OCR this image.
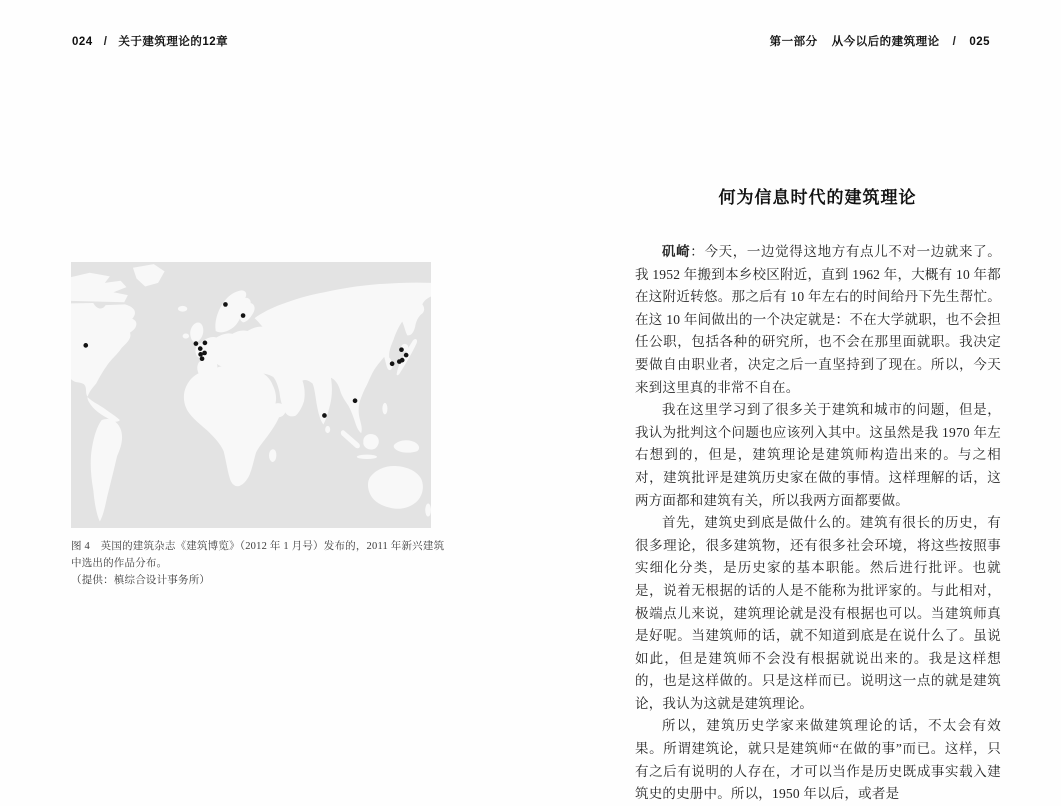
024 / 关于建筑理论的12章
图 4　英国的建筑杂志《建筑博览》（2012 年 1 月号）发布的，2011 年新兴建筑中选出的作品分布。
（提供：槙综合设计事务所）
第一部分 从今以后的建筑理论 / 025
何为信息时代的建筑理论

矶崎：今天，一边觉得这地方有点儿不对一边就来了。我 1952 年搬到本乡校区附近，直到 1962 年，大概有 10 年都在这附近转悠。那之后有 10 年左右的时间给丹下先生帮忙。在这 10 年间做出的一个决定就是：不在大学就职，也不会担任公职，包括各种的研究所，也不会在那里面就职。我决定要做自由职业者，决定之后一直坚持到了现在。所以，今天来到这里真的非常不自在。

我在这里学习到了很多关于建筑和城市的问题，但是，我认为批判这个问题也应该列入其中。这虽然是我 1970 年左右想到的，但是，建筑理论是建筑师构造出来的。与之相对，建筑批评是建筑历史家在做的事情。这样理解的话，这两方面都和建筑有关，所以我两方面都要做。

首先，建筑史到底是做什么的。建筑有很长的历史，有很多理论，很多建筑物，还有很多社会环境，将这些按照事实细化分类，是历史家的基本职能。然后进行批评。也就是，说着无根据的话的人是不能称为批评家的。与此相对，极端点儿来说，建筑理论就是没有根据也可以。当建筑师真是好呢。当建筑师的话，就不知道到底是在说什么了。虽说如此，但是建筑师不会没有根据就说出来的。我是这样想的，也是这样做的。只是这样而已。说明这一点的就是建筑论，我认为这就是建筑理论。

所以，建筑历史学家来做建筑理论的话，不太会有效果。所谓建筑论，就只是建筑师“在做的事”而已。这样，只有之后有说明的人存在，才可以当作是历史既成事实载入建筑史的史册中。所以，1950 年以后，或者是
